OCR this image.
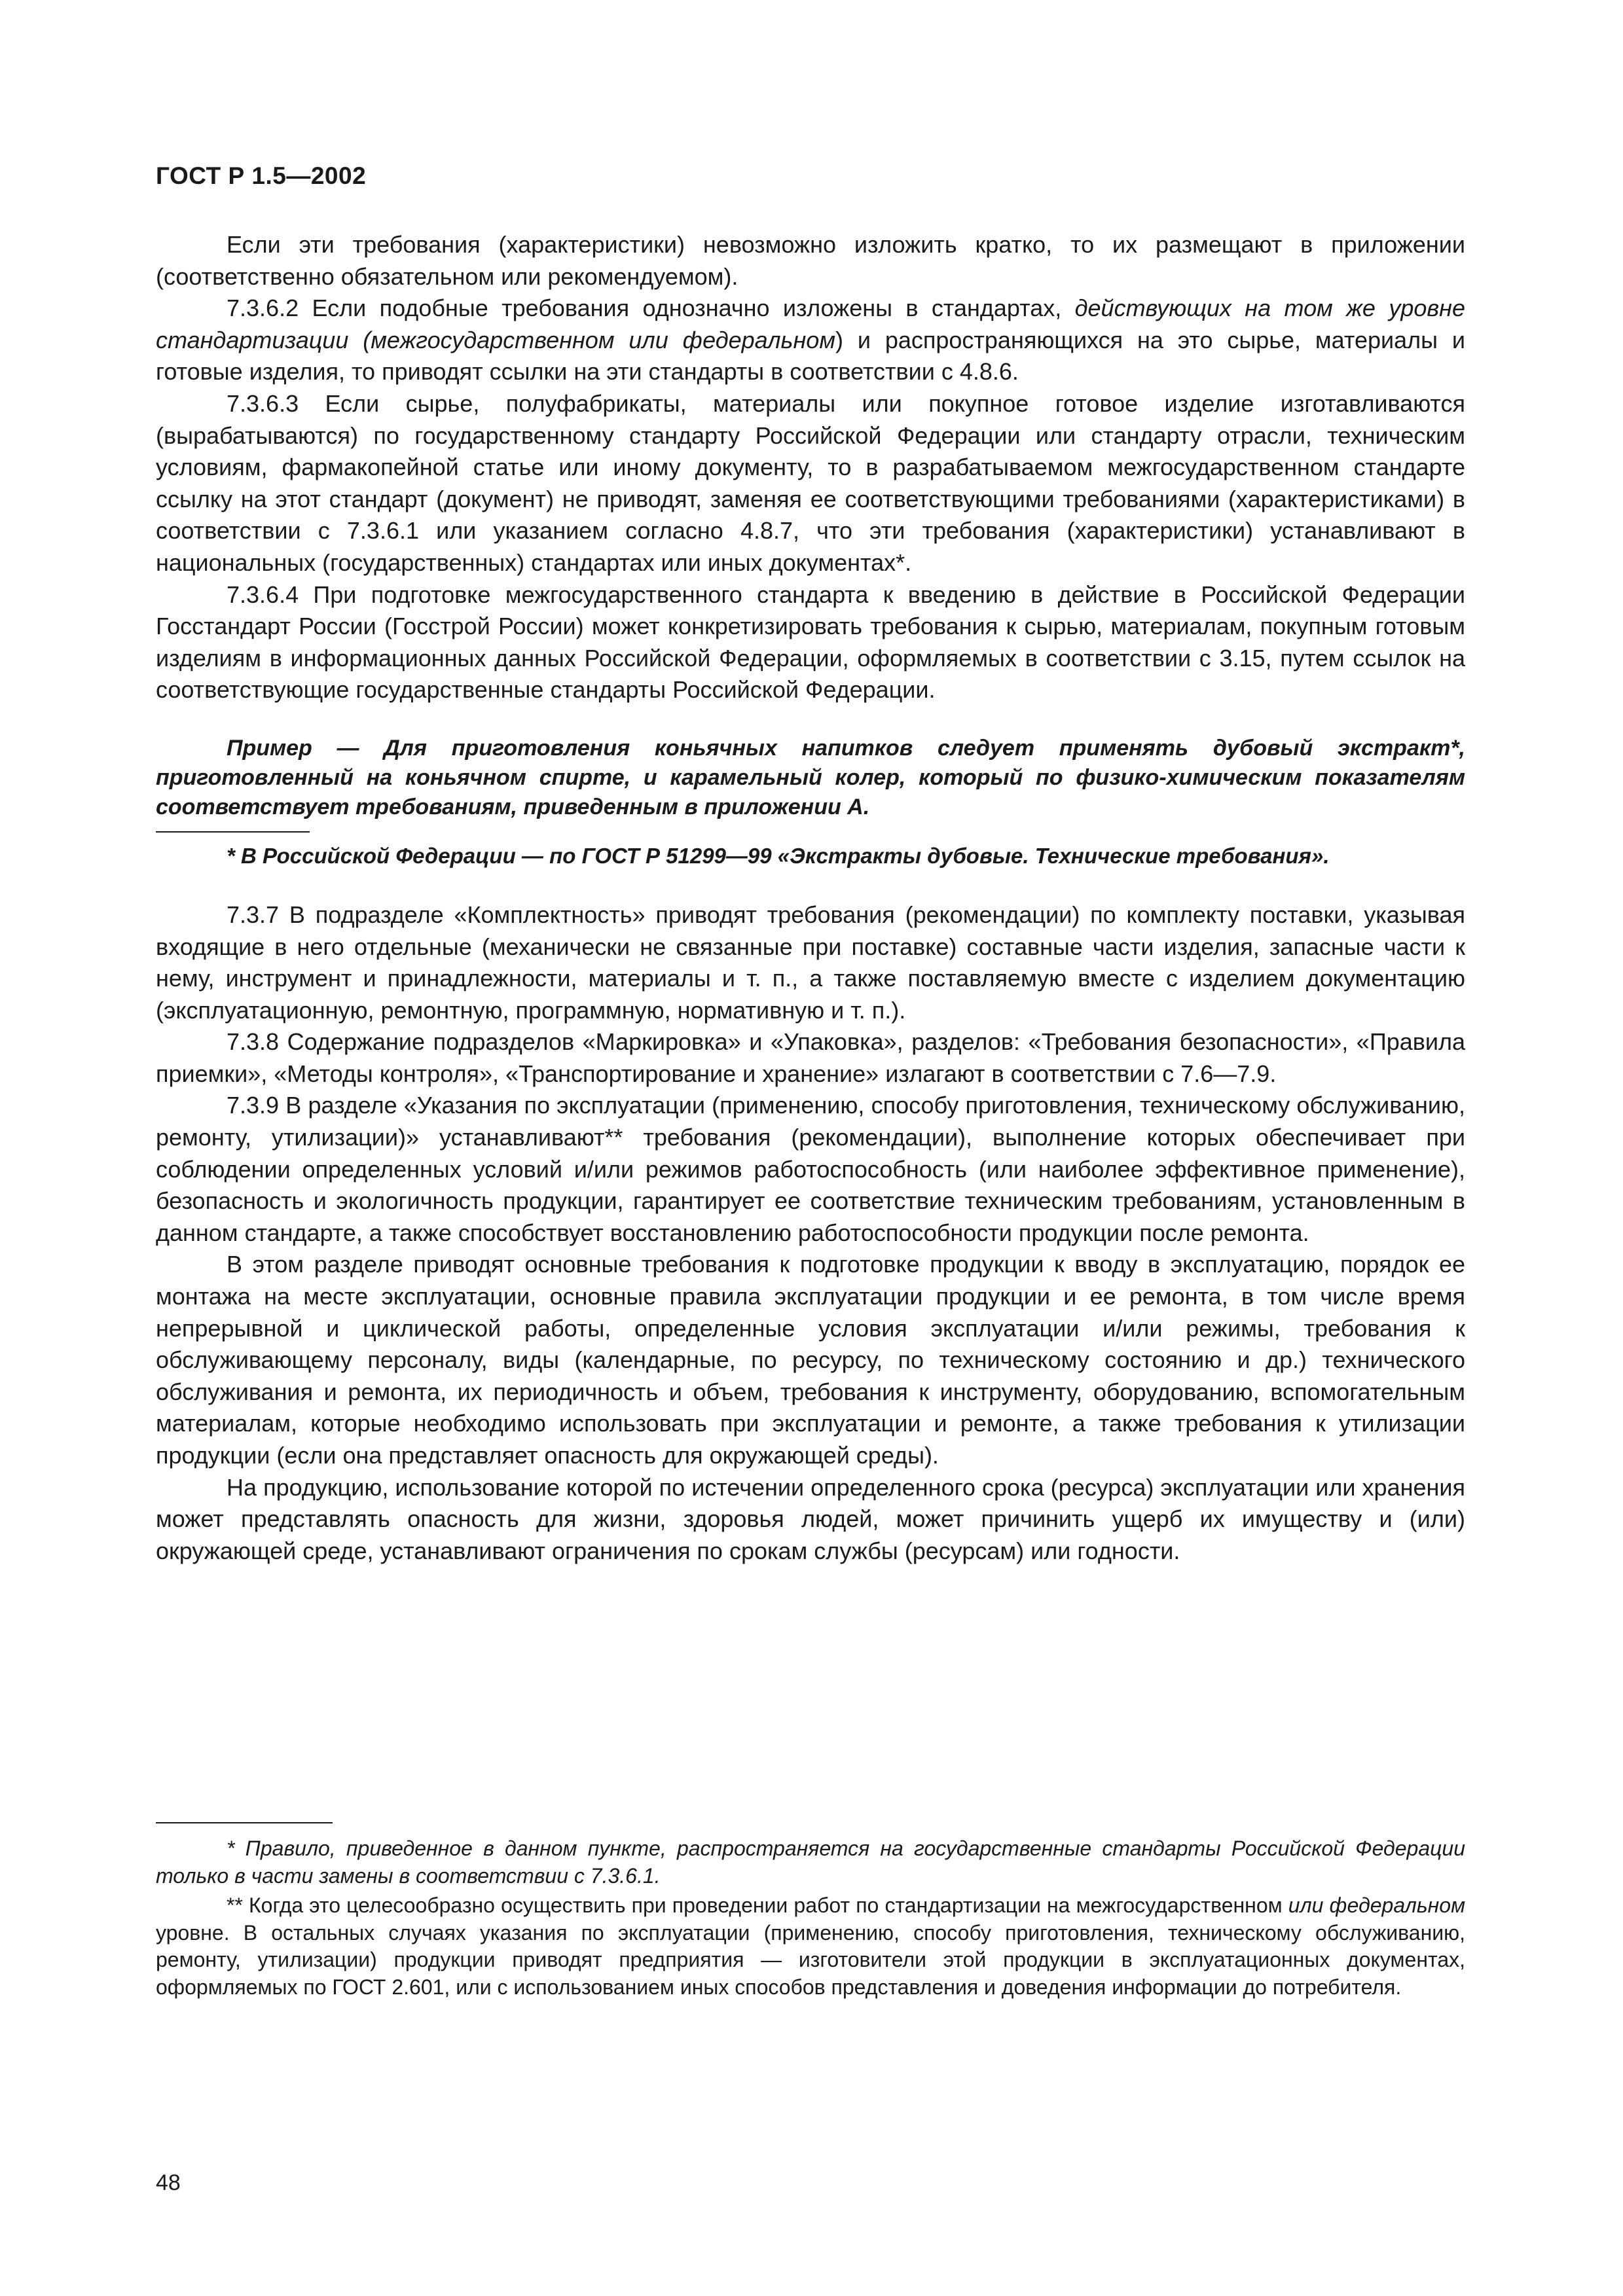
ГОСТ Р 1.5—2002

Если эти требования (характеристики) невозможно изложить кратко, то их размещают в приложении (соответственно обязательном или рекомендуемом).

7.3.6.2 Если подобные требования однозначно изложены в стандартах, действующих на том же уровне стандартизации (межгосударственном или федеральном) и распространяющихся на это сырье, материалы и готовые изделия, то приводят ссылки на эти стандарты в соответствии с 4.8.6.

7.3.6.3 Если сырье, полуфабрикаты, материалы или покупное готовое изделие изготавливаются (вырабатываются) по государственному стандарту Российской Федерации или стандарту отрасли, техническим условиям, фармакопейной статье или иному документу, то в разрабатываемом межгосударственном стандарте ссылку на этот стандарт (документ) не приводят, заменяя ее соответствующими требованиями (характеристиками) в соответствии с 7.3.6.1 или указанием согласно 4.8.7, что эти требования (характеристики) устанавливают в национальных (государственных) стандартах или иных документах*.

7.3.6.4 При подготовке межгосударственного стандарта к введению в действие в Российской Федерации Госстандарт России (Госстрой России) может конкретизировать требования к сырью, материалам, покупным готовым изделиям в информационных данных Российской Федерации, оформляемых в соответствии с 3.15, путем ссылок на соответствующие государственные стандарты Российской Федерации.

Пример — Для приготовления коньячных напитков следует применять дубовый экстракт*, приготовленный на коньячном спирте, и карамельный колер, который по физико-химическим показателям соответствует требованиям, приведенным в приложении А.

* В Российской Федерации — по ГОСТ Р 51299—99 «Экстракты дубовые. Технические требования».

7.3.7 В подразделе «Комплектность» приводят требования (рекомендации) по комплекту поставки, указывая входящие в него отдельные (механически не связанные при поставке) составные части изделия, запасные части к нему, инструмент и принадлежности, материалы и т. п., а также поставляемую вместе с изделием документацию (эксплуатационную, ремонтную, программную, нормативную и т. п.).

7.3.8 Содержание подразделов «Маркировка» и «Упаковка», разделов: «Требования безопасности», «Правила приемки», «Методы контроля», «Транспортирование и хранение» излагают в соответствии с 7.6—7.9.

7.3.9 В разделе «Указания по эксплуатации (применению, способу приготовления, техническому обслуживанию, ремонту, утилизации)» устанавливают** требования (рекомендации), выполнение которых обеспечивает при соблюдении определенных условий и/или режимов работоспособность (или наиболее эффективное применение), безопасность и экологичность продукции, гарантирует ее соответствие техническим требованиям, установленным в данном стандарте, а также способствует восстановлению работоспособности продукции после ремонта.

В этом разделе приводят основные требования к подготовке продукции к вводу в эксплуатацию, порядок ее монтажа на месте эксплуатации, основные правила эксплуатации продукции и ее ремонта, в том числе время непрерывной и циклической работы, определенные условия эксплуатации и/или режимы, требования к обслуживающему персоналу, виды (календарные, по ресурсу, по техническому состоянию и др.) технического обслуживания и ремонта, их периодичность и объем, требования к инструменту, оборудованию, вспомогательным материалам, которые необходимо использовать при эксплуатации и ремонте, а также требования к утилизации продукции (если она представляет опасность для окружающей среды).

На продукцию, использование которой по истечении определенного срока (ресурса) эксплуатации или хранения может представлять опасность для жизни, здоровья людей, может причинить ущерб их имуществу и (или) окружающей среде, устанавливают ограничения по срокам службы (ресурсам) или годности.

* Правило, приведенное в данном пункте, распространяется на государственные стандарты Российской Федерации только в части замены в соответствии с 7.3.6.1.

** Когда это целесообразно осуществить при проведении работ по стандартизации на межгосударственном или федеральном уровне. В остальных случаях указания по эксплуатации (применению, способу приготовления, техническому обслуживанию, ремонту, утилизации) продукции приводят предприятия — изготовители этой продукции в эксплуатационных документах, оформляемых по ГОСТ 2.601, или с использованием иных способов представления и доведения информации до потребителя.

48
